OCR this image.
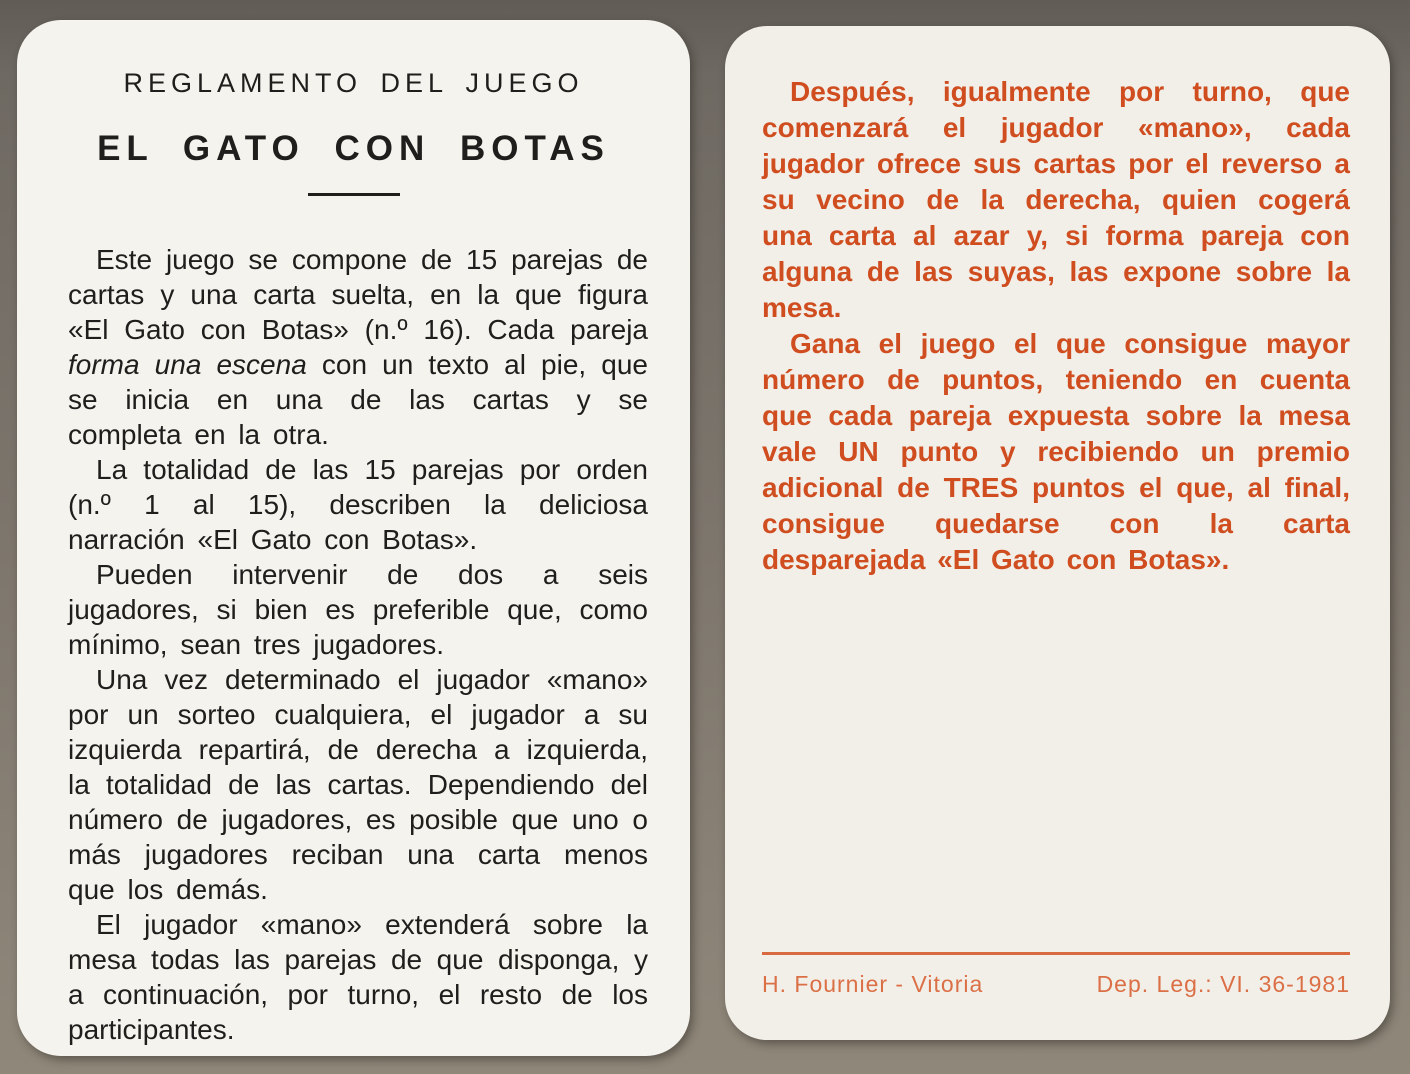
REGLAMENTO DEL JUEGO
EL GATO CON BOTAS

Este juego se compone de 15 parejas de cartas y una carta suelta, en la que figura «El Gato con Botas» (n.º 16). Cada pareja forma una escena con un texto al pie, que se inicia en una de las cartas y se completa en la otra.

La totalidad de las 15 parejas por orden (n.º 1 al 15), describen la deliciosa narración «El Gato con Botas».

Pueden intervenir de dos a seis jugadores, si bien es preferible que, como mínimo, sean tres jugadores.

Una vez determinado el jugador «mano» por un sorteo cualquiera, el jugador a su izquierda repartirá, de derecha a izquierda, la totalidad de las cartas. Dependiendo del número de jugadores, es posible que uno o más jugadores reciban una carta menos que los demás.

El jugador «mano» extenderá sobre la mesa todas las parejas de que disponga, y a continuación, por turno, el resto de los participantes.

Después, igualmente por turno, que comenzará el jugador «mano», cada jugador ofrece sus cartas por el reverso a su vecino de la derecha, quien cogerá una carta al azar y, si forma pareja con alguna de las suyas, las expone sobre la mesa.

Gana el juego el que consigue mayor número de puntos, teniendo en cuenta que cada pareja expuesta sobre la mesa vale UN punto y recibiendo un premio adicional de TRES puntos el que, al final, consigue quedarse con la carta desparejada «El Gato con Botas».

H. Fournier - Vitoria	Dep. Leg.: VI. 36-1981
